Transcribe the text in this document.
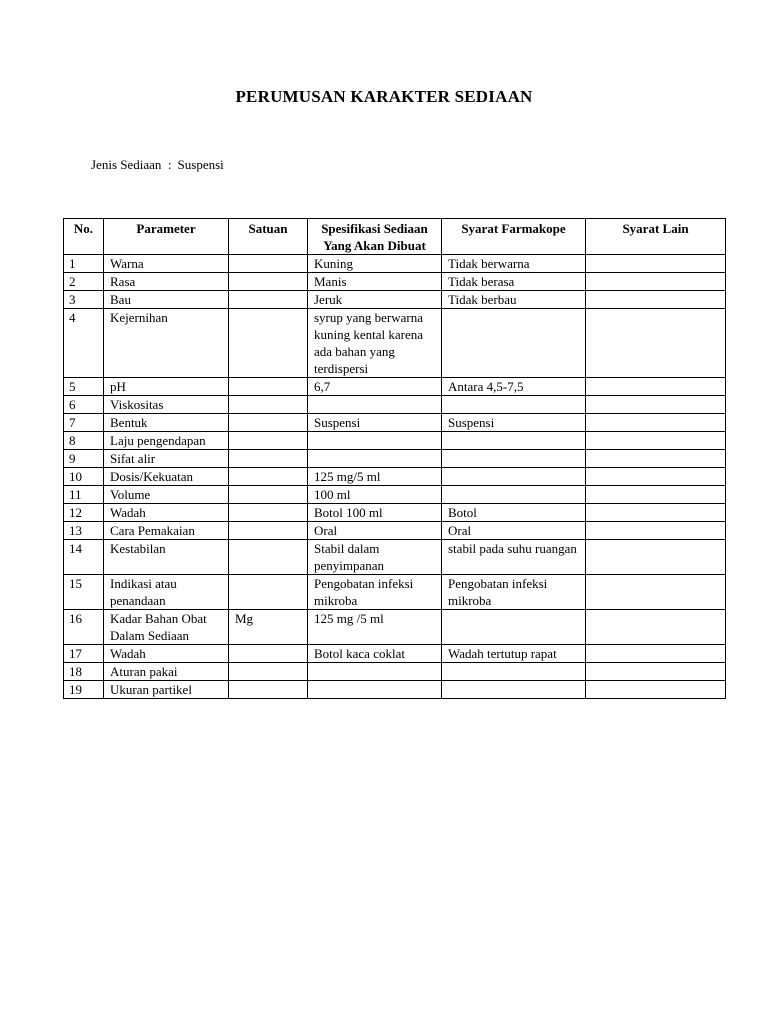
PERUMUSAN KARAKTER SEDIAAN
Jenis Sediaan : Suspensi
No.	Parameter	Satuan	Spesifikasi Sediaan Yang Akan Dibuat	Syarat Farmakope	Syarat Lain
1	Warna		Kuning	Tidak berwarna	
2	Rasa		Manis	Tidak berasa	
3	Bau		Jeruk	Tidak berbau	
4	Kejernihan		syrup yang berwarna kuning kental karena ada bahan yang terdispersi		
5	pH		6,7	Antara 4,5-7,5	
6	Viskositas				
7	Bentuk		Suspensi	Suspensi	
8	Laju pengendapan				
9	Sifat alir				
10	Dosis/Kekuatan		125 mg/5 ml		
11	Volume		100 ml		
12	Wadah		Botol 100 ml	Botol	
13	Cara Pemakaian		Oral	Oral	
14	Kestabilan		Stabil dalam penyimpanan	stabil pada suhu ruangan	
15	Indikasi atau penandaan		Pengobatan infeksi mikroba	Pengobatan infeksi mikroba	
16	Kadar Bahan Obat Dalam Sediaan	Mg	125 mg /5 ml		
17	Wadah		Botol kaca coklat	Wadah tertutup rapat	
18	Aturan pakai				
19	Ukuran partikel				
